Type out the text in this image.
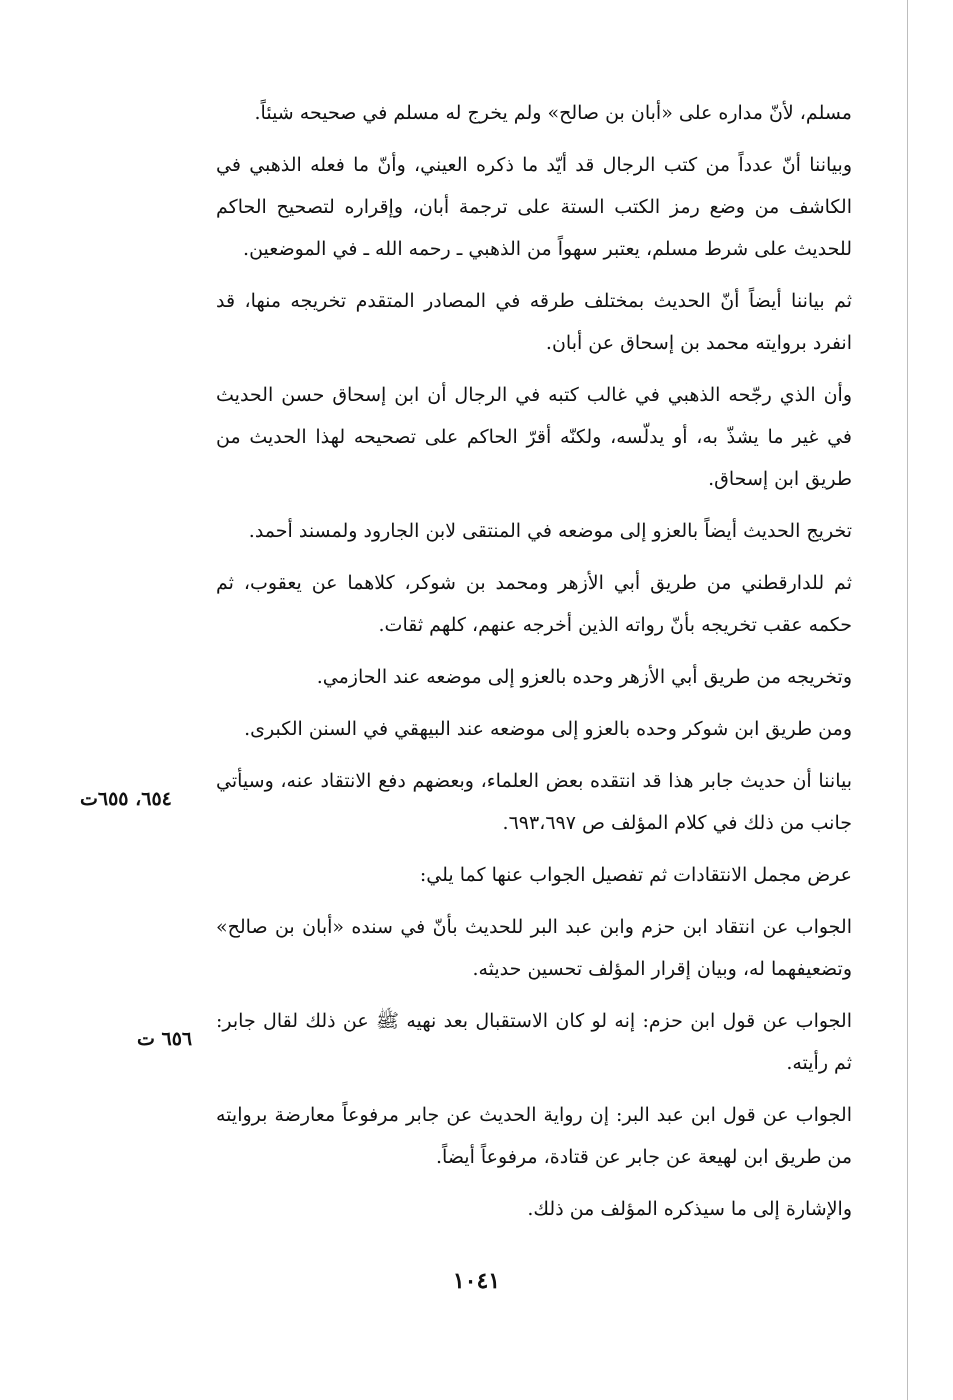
مسلم، لأنّ مداره على «أبان بن صالح» ولم يخرج له مسلم في صحيحه شيئاً.

وبياننا أنّ عدداً من كتب الرجال قد أيّد ما ذكره العيني، وأنّ ما فعله الذهبي في الكاشف من وضع رمز الكتب الستة على ترجمة أبان، وإقراره لتصحيح الحاكم للحديث على شرط مسلم، يعتبر سهواً من الذهبي ـ رحمه الله ـ في الموضعين.

ثم بياننا أيضاً أنّ الحديث بمختلف طرقه في المصادر المتقدم تخريجه منها، قد انفرد بروايته محمد بن إسحاق عن أبان.

وأن الذي رجّحه الذهبي في غالب كتبه في الرجال أن ابن إسحاق حسن الحديث في غير ما يشذّ به، أو يدلّسه، ولكنّه أقرّ الحاكم على تصحيحه لهذا الحديث من طريق ابن إسحاق.

تخريج الحديث أيضاً بالعزو إلى موضعه في المنتقى لابن الجارود ولمسند أحمد.

ثم للدارقطني من طريق أبي الأزهر ومحمد بن شوكر، كلاهما عن يعقوب، ثم حكمه عقب تخريجه بأنّ رواته الذين أخرجه عنهم، كلهم ثقات.

وتخريجه من طريق أبي الأزهر وحده بالعزو إلى موضعه عند الحازمي.

ومن طريق ابن شوكر وحده بالعزو إلى موضعه عند البيهقي في السنن الكبرى.

بياننا أن حديث جابر هذا قد انتقده بعض العلماء، وبعضهم دفع الانتقاد عنه، وسيأتي جانب من ذلك في كلام المؤلف ص ٦٩٣،٦٩٧.

عرض مجمل الانتقادات ثم تفصيل الجواب عنها كما يلي:

الجواب عن انتقاد ابن حزم وابن عبد البر للحديث بأنّ في سنده «أبان بن صالح» وتضعيفهما له، وبيان إقرار المؤلف تحسين حديثه.

الجواب عن قول ابن حزم: إنه لو كان الاستقبال بعد نهيه ﷺ عن ذلك لقال جابر: ثم رأيته.

الجواب عن قول ابن عبد البر: إن رواية الحديث عن جابر مرفوعاً معارضة بروايته من طريق ابن لهيعة عن جابر عن قتادة، مرفوعاً أيضاً.

والإشارة إلى ما سيذكره المؤلف من ذلك.

٦٥٤، ٦٥٥ت
٦٥٦ ت
١٠٤١
